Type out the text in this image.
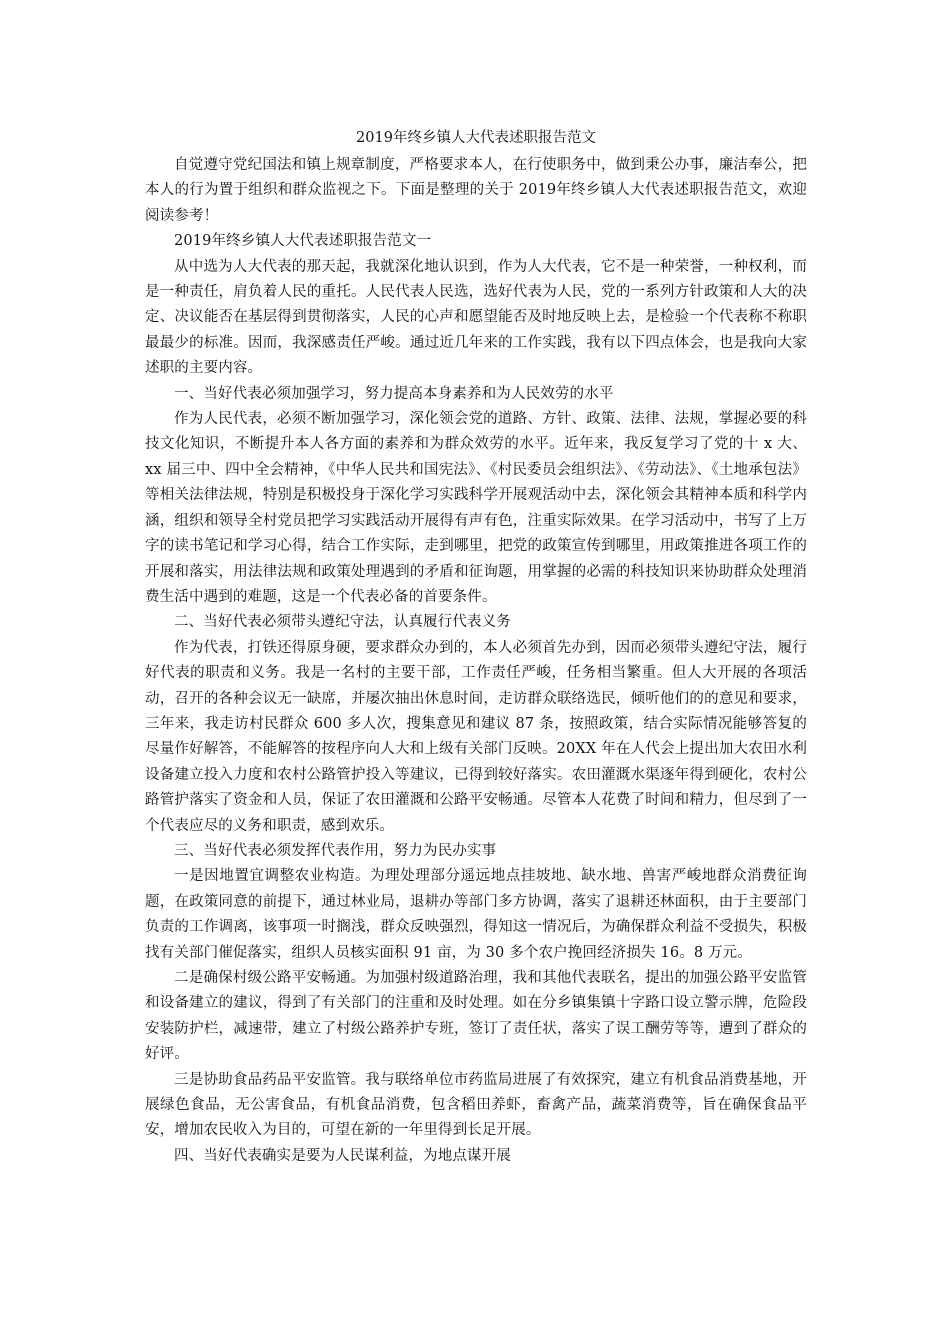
2019年终乡镇人大代表述职报告范文

自觉遵守党纪国法和镇上规章制度，严格要求本人，在行使职务中，做到秉公办事，廉洁奉公，把本人的行为置于组织和群众监视之下。下面是整理的关于 2019年终乡镇人大代表述职报告范文，欢迎阅读参考！

2019年终乡镇人大代表述职报告范文一

从中选为人大代表的那天起，我就深化地认识到，作为人大代表，它不是一种荣誉，一种权利，而是一种责任，肩负着人民的重托。人民代表人民选，选好代表为人民，党的一系列方针政策和人大的决定、决议能否在基层得到贯彻落实，人民的心声和愿望能否及时地反映上去，是检验一个代表称不称职最最少的标准。因而，我深感责任严峻。通过近几年来的工作实践，我有以下四点体会，也是我向大家述职的主要内容。

一、当好代表必须加强学习，努力提高本身素养和为人民效劳的水平

作为人民代表，必须不断加强学习，深化领会党的道路、方针、政策、法律、法规，掌握必要的科技文化知识，不断提升本人各方面的素养和为群众效劳的水平。近年来，我反复学习了党的十 x 大、xx 届三中、四中全会精神，《中华人民共和国宪法》、《村民委员会组织法》、《劳动法》、《土地承包法》等相关法律法规，特别是积极投身于深化学习实践科学开展观活动中去，深化领会其精神本质和科学内涵，组织和领导全村党员把学习实践活动开展得有声有色，注重实际效果。在学习活动中，书写了上万字的读书笔记和学习心得，结合工作实际，走到哪里，把党的政策宣传到哪里，用政策推进各项工作的开展和落实，用法律法规和政策处理遇到的矛盾和征询题，用掌握的必需的科技知识来协助群众处理消费生活中遇到的难题，这是一个代表必备的首要条件。

二、当好代表必须带头遵纪守法，认真履行代表义务

作为代表，打铁还得原身硬，要求群众办到的，本人必须首先办到，因而必须带头遵纪守法，履行好代表的职责和义务。我是一名村的主要干部，工作责任严峻，任务相当繁重。但人大开展的各项活动，召开的各种会议无一缺席，并屡次抽出休息时间，走访群众联络选民，倾听他们的的意见和要求，三年来，我走访村民群众 600 多人次，搜集意见和建议 87 条，按照政策，结合实际情况能够答复的尽量作好解答，不能解答的按程序向人大和上级有关部门反映。20XX 年在人代会上提出加大农田水利设备建立投入力度和农村公路管护投入等建议，已得到较好落实。农田灌溉水渠逐年得到硬化，农村公路管护落实了资金和人员，保证了农田灌溉和公路平安畅通。尽管本人花费了时间和精力，但尽到了一个代表应尽的义务和职责，感到欢乐。

三、当好代表必须发挥代表作用，努力为民办实事

一是因地置宜调整农业构造。为理处理部分遥远地点挂坡地、缺水地、兽害严峻地群众消费征询题，在政策同意的前提下，通过林业局，退耕办等部门多方协调，落实了退耕还林面积，由于主要部门负责的工作调离，该事项一时搁浅，群众反映强烈，得知这一情况后，为确保群众利益不受损失，积极找有关部门催促落实，组织人员核实面积 91 亩，为 30 多个农户挽回经济损失 16。8 万元。

二是确保村级公路平安畅通。为加强村级道路治理，我和其他代表联名，提出的加强公路平安监管和设备建立的建议，得到了有关部门的注重和及时处理。如在分乡镇集镇十字路口设立警示牌，危险段安装防护栏，减速带，建立了村级公路养护专班，签订了责任状，落实了误工酬劳等等，遭到了群众的好评。

三是协助食品药品平安监管。我与联络单位市药监局进展了有效探究，建立有机食品消费基地，开展绿色食品，无公害食品，有机食品消费，包含稻田养虾，畜禽产品，蔬菜消费等，旨在确保食品平安，增加农民收入为目的，可望在新的一年里得到长足开展。

四、当好代表确实是要为人民谋利益，为地点谋开展
